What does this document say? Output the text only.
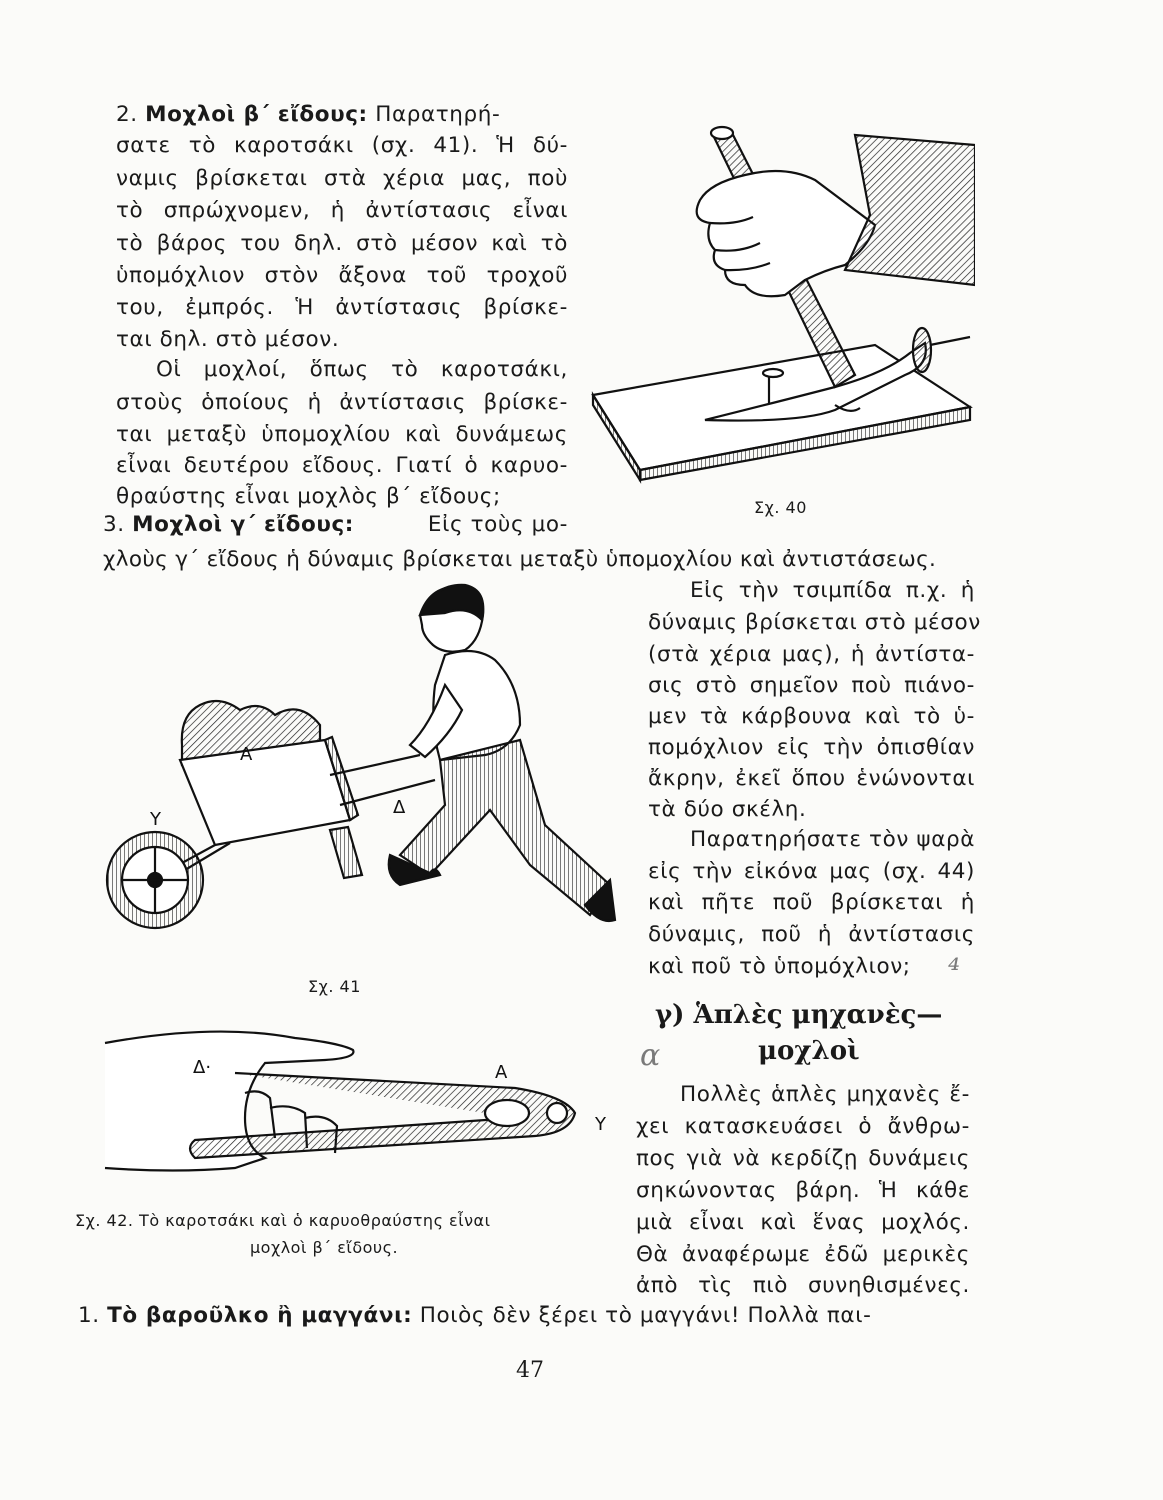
2. Μοχλοὶ β΄ εἴδους: Παρατηρή-
σατε τὸ καροτσάκι (σχ. 41). Ἡ δύ-
ναμις βρίσκεται στὰ χέρια μας, ποὺ
τὸ σπρώχνομεν, ἡ ἀντίστασις εἶναι
τὸ βάρος του δηλ. στὸ μέσον καὶ τὸ
ὑπομόχλιον στὸν ἄξονα τοῦ τροχοῦ
του, ἐμπρός. Ἡ ἀντίστασις βρίσκε-
ται δηλ. στὸ μέσον.
Οἱ μοχλοί, ὅπως τὸ καροτσάκι,
στοὺς ὁποίους ἡ ἀντίστασις βρίσκε-
ται μεταξὺ ὑπομοχλίου καὶ δυνάμεως
εἶναι δευτέρου εἴδους. Γιατί ὁ καρυο-
θραύστης εἶναι μοχλὸς β΄ εἴδους;
3. Μοχλοὶ γ΄ εἴδους:	Εἰς τοὺς μο-
χλοὺς γ΄ εἴδους ἡ δύναμις βρίσκεται μεταξὺ ὑπομοχλίου καὶ ἀντιστάσεως.
Εἰς τὴν τσιμπίδα π.χ. ἡ
δύναμις βρίσκεται στὸ μέσον
(στὰ χέρια μας), ἡ ἀντίστα-
σις στὸ σημεῖον ποὺ πιάνο-
μεν τὰ κάρβουνα καὶ τὸ ὑ-
πομόχλιον εἰς τὴν ὀπισθίαν
ἄκρην, ἐκεῖ ὅπου ἑνώνονται
τὰ δύο σκέλη.
Παρατηρήσατε τὸν ψαρὰ
εἰς τὴν εἰκόνα μας (σχ. 44)
καὶ πῆτε ποῦ βρίσκεται ἡ
δύναμις, ποῦ ἡ ἀντίστασις
καὶ ποῦ τὸ ὑπομόχλιον; ⁴
α
γ) Ἁπλὲς μηχανὲς—
μοχλοὶ
Πολλὲς ἁπλὲς μηχανὲς ἔ-
χει κατασκευάσει ὁ ἄνθρω-
πος γιὰ νὰ κερδίζῃ δυνάμεις
σηκώνοντας βάρη. Ἡ κάθε
μιὰ εἶναι καὶ ἕνας μοχλός.
Θὰ ἀναφέρωμε ἐδῶ μερικὲς
ἀπὸ τὶς πιὸ συνηθισμένες.
1. Τὸ βαροῦλκο ἢ μαγγάνι: Ποιὸς δὲν ξέρει τὸ μαγγάνι! Πολλὰ παι-
47
Σχ. 40
Α
Υ
Δ
Σχ. 41
Δ·	Α
Υ
Σχ. 42. Τὸ καροτσάκι καὶ ὁ καρυοθραύστης εἶναι
μοχλοὶ β΄ εἴδους.
